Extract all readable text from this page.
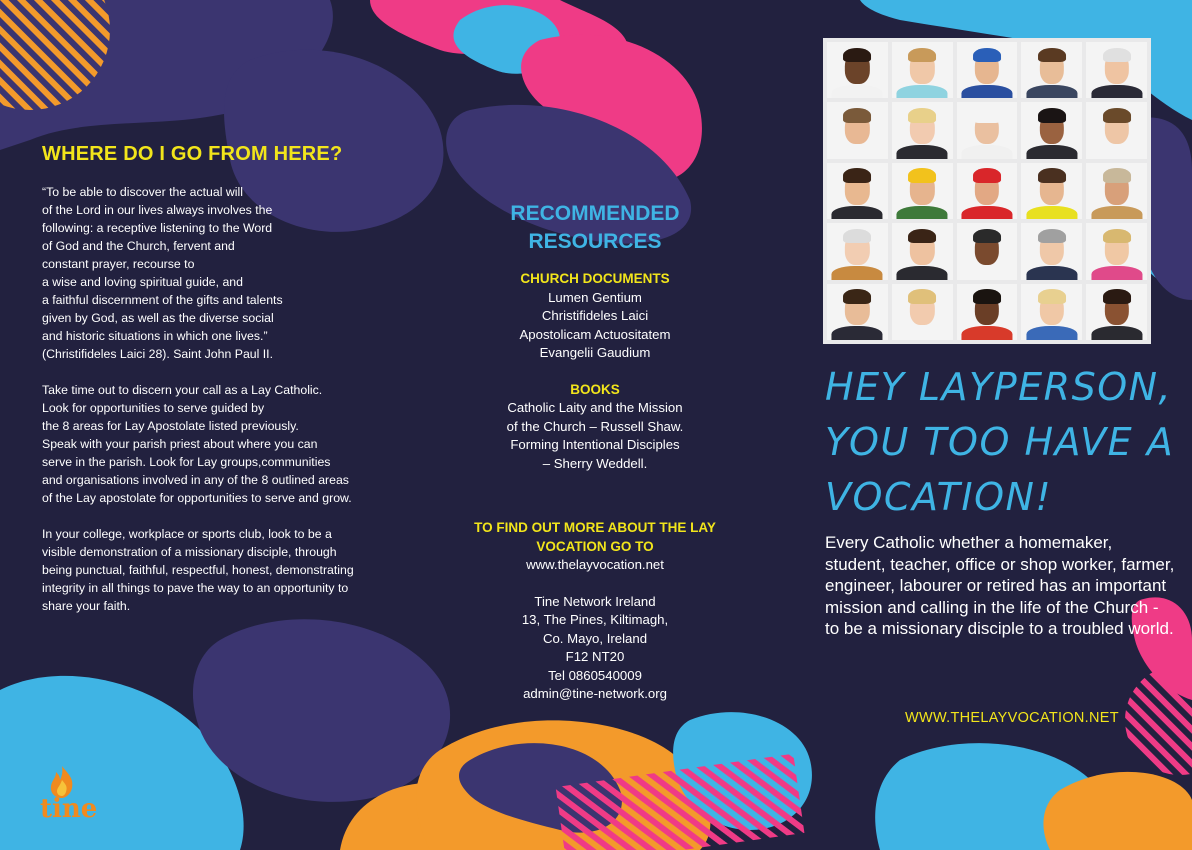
WHERE DO I GO FROM HERE?

“To be able to discover the actual will
of the Lord in our lives always involves the
following: a receptive listening to the Word
of God and the Church, fervent and
constant prayer, recourse to
a wise and loving spiritual guide, and
a faithful discernment of the gifts and talents
given by God, as well as the diverse social
and historic situations in which one lives.”
(Christifideles Laici 28). Saint John Paul II.

Take time out to discern your call as a Lay Catholic.
Look for opportunities to serve guided by
the 8 areas for Lay Apostolate listed previously.
Speak with your parish priest about where you can
serve in the parish. Look for Lay groups,communities
and organisations involved in any of the 8 outlined areas
of the Lay apostolate for opportunities to serve and grow.

In your college, workplace or sports club, look to be a
visible demonstration of a missionary disciple, through
being punctual, faithful, respectful, honest, demonstrating
integrity in all things to pave the way to an opportunity to
share your faith.

RECOMMENDED
RESOURCES
CHURCH DOCUMENTS
Lumen Gentium
Christifideles Laici
Apostolicam Actuositatem
Evangelii Gaudium
BOOKS
Catholic Laity and the Mission
of the Church – Russell Shaw.
Forming Intentional Disciples
– Sherry Weddell.
TO FIND OUT MORE ABOUT THE LAY
VOCATION GO TO
www.thelayvocation.net
Tine Network Ireland
13, The Pines, Kiltimagh,
Co. Mayo, Ireland
F12 NT20
Tel 0860540009
admin@tine-network.org
HEY LAYPERSON, YOU TOO HAVE A VOCATION!
Every Catholic whether a homemaker, student, teacher, office or shop worker, farmer, engineer, labourer or retired has an important mission and calling in the life of the Church - to be a missionary disciple to a troubled world.
WWW.THELAYVOCATION.NET
tine
